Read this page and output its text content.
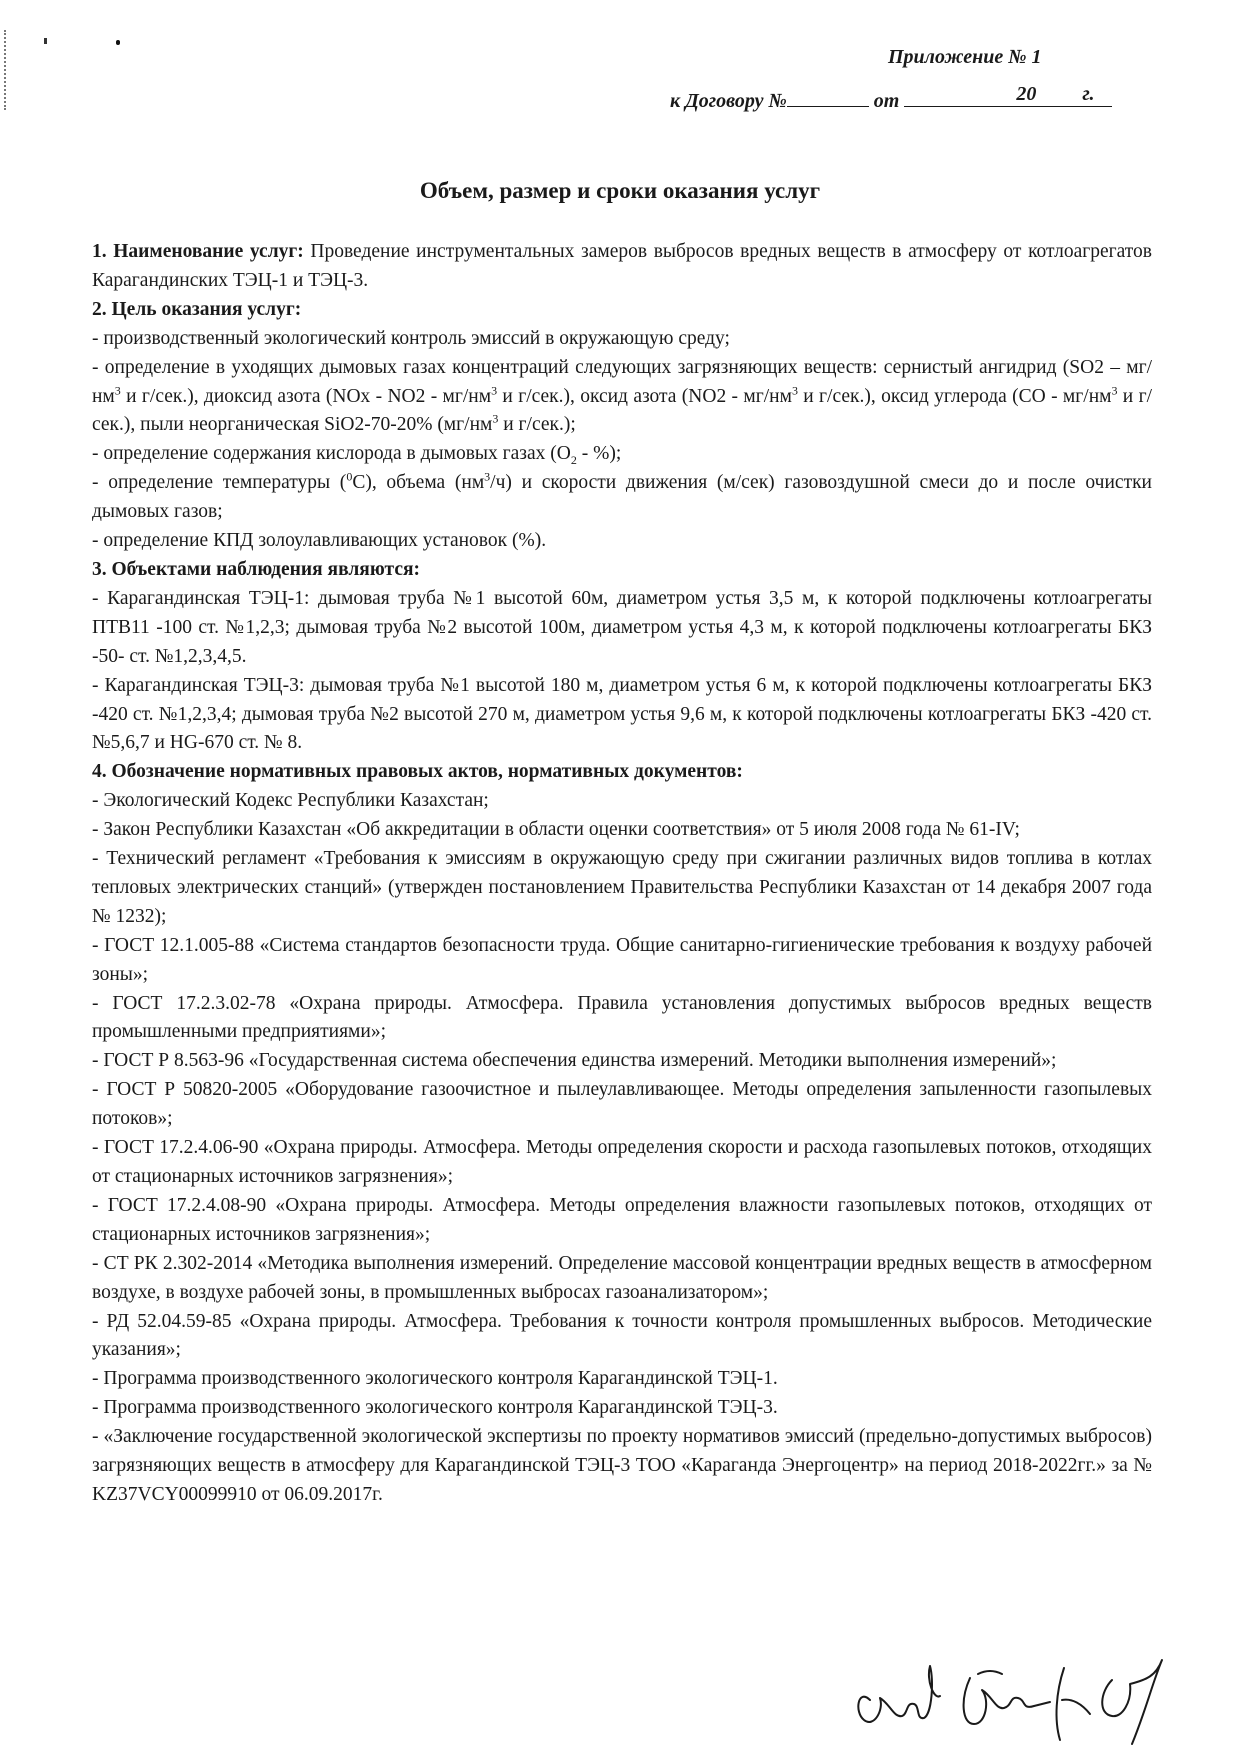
Приложение № 1
к Договору №	от	20 г.
Объем, размер и сроки оказания услуг

1. Наименование услуг: Проведение инструментальных замеров выбросов вредных веществ в атмосферу от котлоагрегатов Карагандинских ТЭЦ-1 и ТЭЦ-3.

2. Цель оказания услуг:

- производственный экологический контроль эмиссий в окружающую среду;

- определение в уходящих дымовых газах концентраций следующих загрязняющих веществ: сернистый ангидрид ($SO2 - мг/нм^3$ и г/сек.), диоксид азота ($NOx - NO2 - мг/нм^3$ и г/сек.), оксид азота ($NO2 - мг/нм^3$ и г/сек.), оксид углерода ($CO - мг/нм^3$ и г/сек.), пыли неорганическая SiO2-70-20% ($мг/нм^3$ и г/сек.);

- определение содержания кислорода в дымовых газах ($O_2$ - %);

- определение температуры ($^0$C), объема $(нм^3/ч)$ и скорости движения (м/сек) газовоздушной смеси до и после очистки дымовых газов;

- определение КПД золоулавливающих установок (%).

3. Объектами наблюдения являются:

- Карагандинская ТЭЦ-1: дымовая труба №1 высотой 60м, диаметром устья 3,5 м, к которой подключены котлоагрегаты ПТВ11 -100 ст. №1,2,3; дымовая труба №2 высотой 100м, диаметром устья 4,3 м, к которой подключены котлоагрегаты БКЗ -50- ст. №1,2,3,4,5.

- Карагандинская ТЭЦ-3: дымовая труба №1 высотой 180 м, диаметром устья 6 м, к которой подключены котлоагрегаты БКЗ -420 ст. №1,2,3,4; дымовая труба №2 высотой 270 м, диаметром устья 9,6 м, к которой подключены котлоагрегаты БКЗ -420 ст. №5,6,7 и HG-670 ст. № 8.

4. Обозначение нормативных правовых актов, нормативных документов:

- Экологический Кодекс Республики Казахстан;

- Закон Республики Казахстан «Об аккредитации в области оценки соответствия» от 5 июля 2008 года № 61-IV;

- Технический регламент «Требования к эмиссиям в окружающую среду при сжигании различных видов топлива в котлах тепловых электрических станций» (утвержден постановлением Правительства Республики Казахстан от 14 декабря 2007 года № 1232);

- ГОСТ 12.1.005-88 «Система стандартов безопасности труда. Общие санитарно-гигиенические требования к воздуху рабочей зоны»;

- ГОСТ 17.2.3.02-78 «Охрана природы. Атмосфера. Правила установления допустимых выбросов вредных веществ промышленными предприятиями»;

- ГОСТ Р 8.563-96 «Государственная система обеспечения единства измерений. Методики выполнения измерений»;

- ГОСТ Р 50820-2005 «Оборудование газоочистное и пылеулавливающее. Методы определения запыленности газопылевых потоков»;

- ГОСТ 17.2.4.06-90 «Охрана природы. Атмосфера. Методы определения скорости и расхода газопылевых потоков, отходящих от стационарных источников загрязнения»;

- ГОСТ 17.2.4.08-90 «Охрана природы. Атмосфера. Методы определения влажности газопылевых потоков, отходящих от стационарных источников загрязнения»;

- СТ РК 2.302-2014 «Методика выполнения измерений. Определение массовой концентрации вредных веществ в атмосферном воздухе, в воздухе рабочей зоны, в промышленных выбросах газоанализатором»;

- РД 52.04.59-85 «Охрана природы. Атмосфера. Требования к точности контроля промышленных выбросов. Методические указания»;

- Программа производственного экологического контроля Карагандинской ТЭЦ-1.

- Программа производственного экологического контроля Карагандинской ТЭЦ-3.

- «Заключение государственной экологической экспертизы по проекту нормативов эмиссий (предельно-допустимых выбросов) загрязняющих веществ в атмосферу для Карагандинской ТЭЦ-3 ТОО «Караганда Энергоцентр» на период 2018-2022гг.» за № KZ37VCY00099910 от 06.09.2017г.
